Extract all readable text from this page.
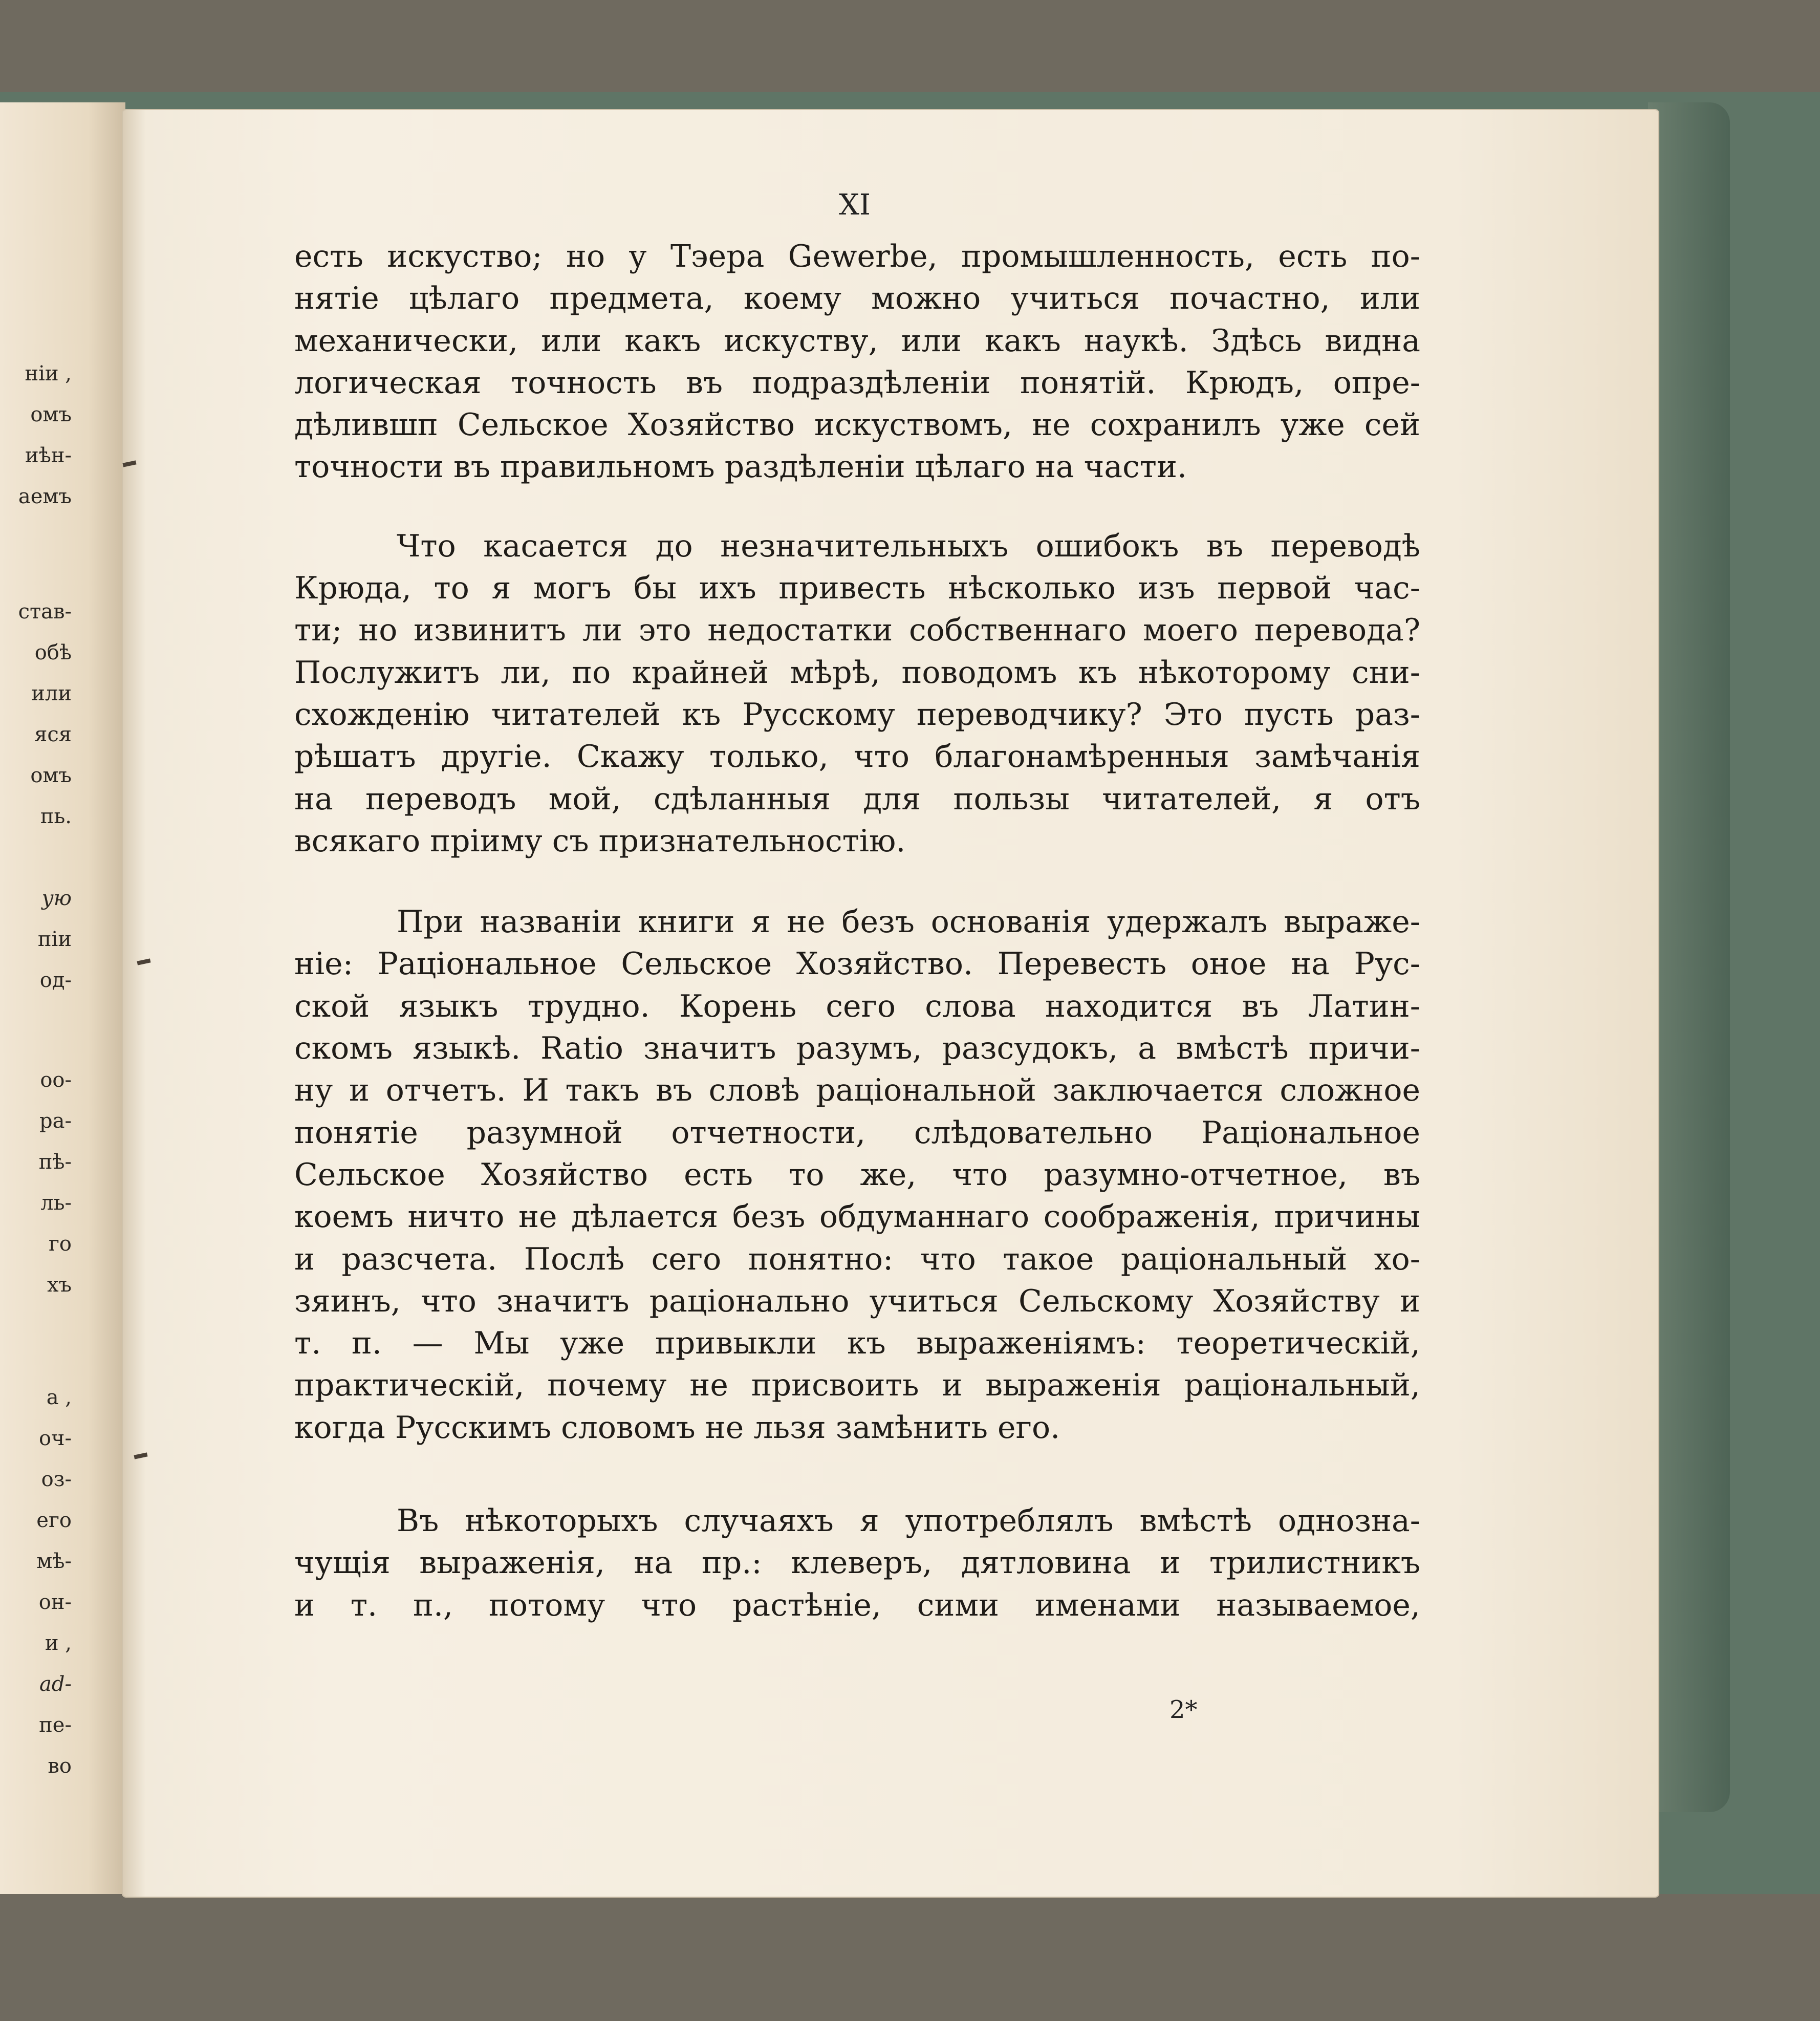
ніи ,
омъ
иѣн-
аемъ
став-
обѣ
или
яся
омъ
пь.
ую
піи
од-
оо-
ра-
пѣ-
ль-
го
хъ
а ,
оч-
оз-
его
мѣ-
он-
и ,
ad-
пе-
во
XI
есть искуство; но у Тэера Gewerbe, промышленность, есть по-
нятіе цѣлаго предмета, коему можно учиться почастно, или
механически, или какъ искуству, или какъ наукѣ. Здѣсь видна
логическая точность въ подраздѣленіи понятій. Крюдъ, опре-
дѣлившп Сельское Хозяйство искуствомъ, не сохранилъ уже сей
точности въ правильномъ раздѣленіи цѣлаго на части.
Что касается до незначительныхъ ошибокъ въ переводѣ
Крюда, то я могъ бы ихъ привесть нѣсколько изъ первой час-
ти; но извинитъ ли это недостатки собственнаго моего перевода?
Послужитъ ли, по крайней мѣрѣ, поводомъ къ нѣкоторому сни-
схожденію читателей къ Русскому переводчику? Это пусть раз-
рѣшатъ другіе. Скажу только, что благонамѣренныя замѣчанія
на переводъ мой, сдѣланныя для пользы читателей, я отъ
всякаго пріиму съ признательностію.
При названіи книги я не безъ основанія удержалъ выраже-
ніе: Раціональное Сельское Хозяйство. Перевесть оное на Рус-
ской языкъ трудно. Корень сего слова находится въ Латин-
скомъ языкѣ. Ratio значитъ разумъ, разсудокъ, а вмѣстѣ причи-
ну и отчетъ. И такъ въ словѣ раціональной заключается сложное
понятіе разумной отчетности, слѣдовательно Раціональное
Сельское Хозяйство есть то же, что разумно-отчетное, въ
коемъ ничто не дѣлается безъ обдуманнаго соображенія, причины
и разсчета. Послѣ сего понятно: что такое раціональный хо-
зяинъ, что значитъ раціонально учиться Сельскому Хозяйству и
т. п. — Мы уже привыкли къ выраженіямъ: теоретическій,
практическій, почему не присвоить и выраженія раціональный,
когда Русскимъ словомъ не льзя замѣнить его.
Въ нѣкоторыхъ случаяхъ я употреблялъ вмѣстѣ однозна-
чущія выраженія, на пр.: клеверъ, дятловина и трилистникъ
и т. п., потому что растѣніе, сими именами называемое,
2*
